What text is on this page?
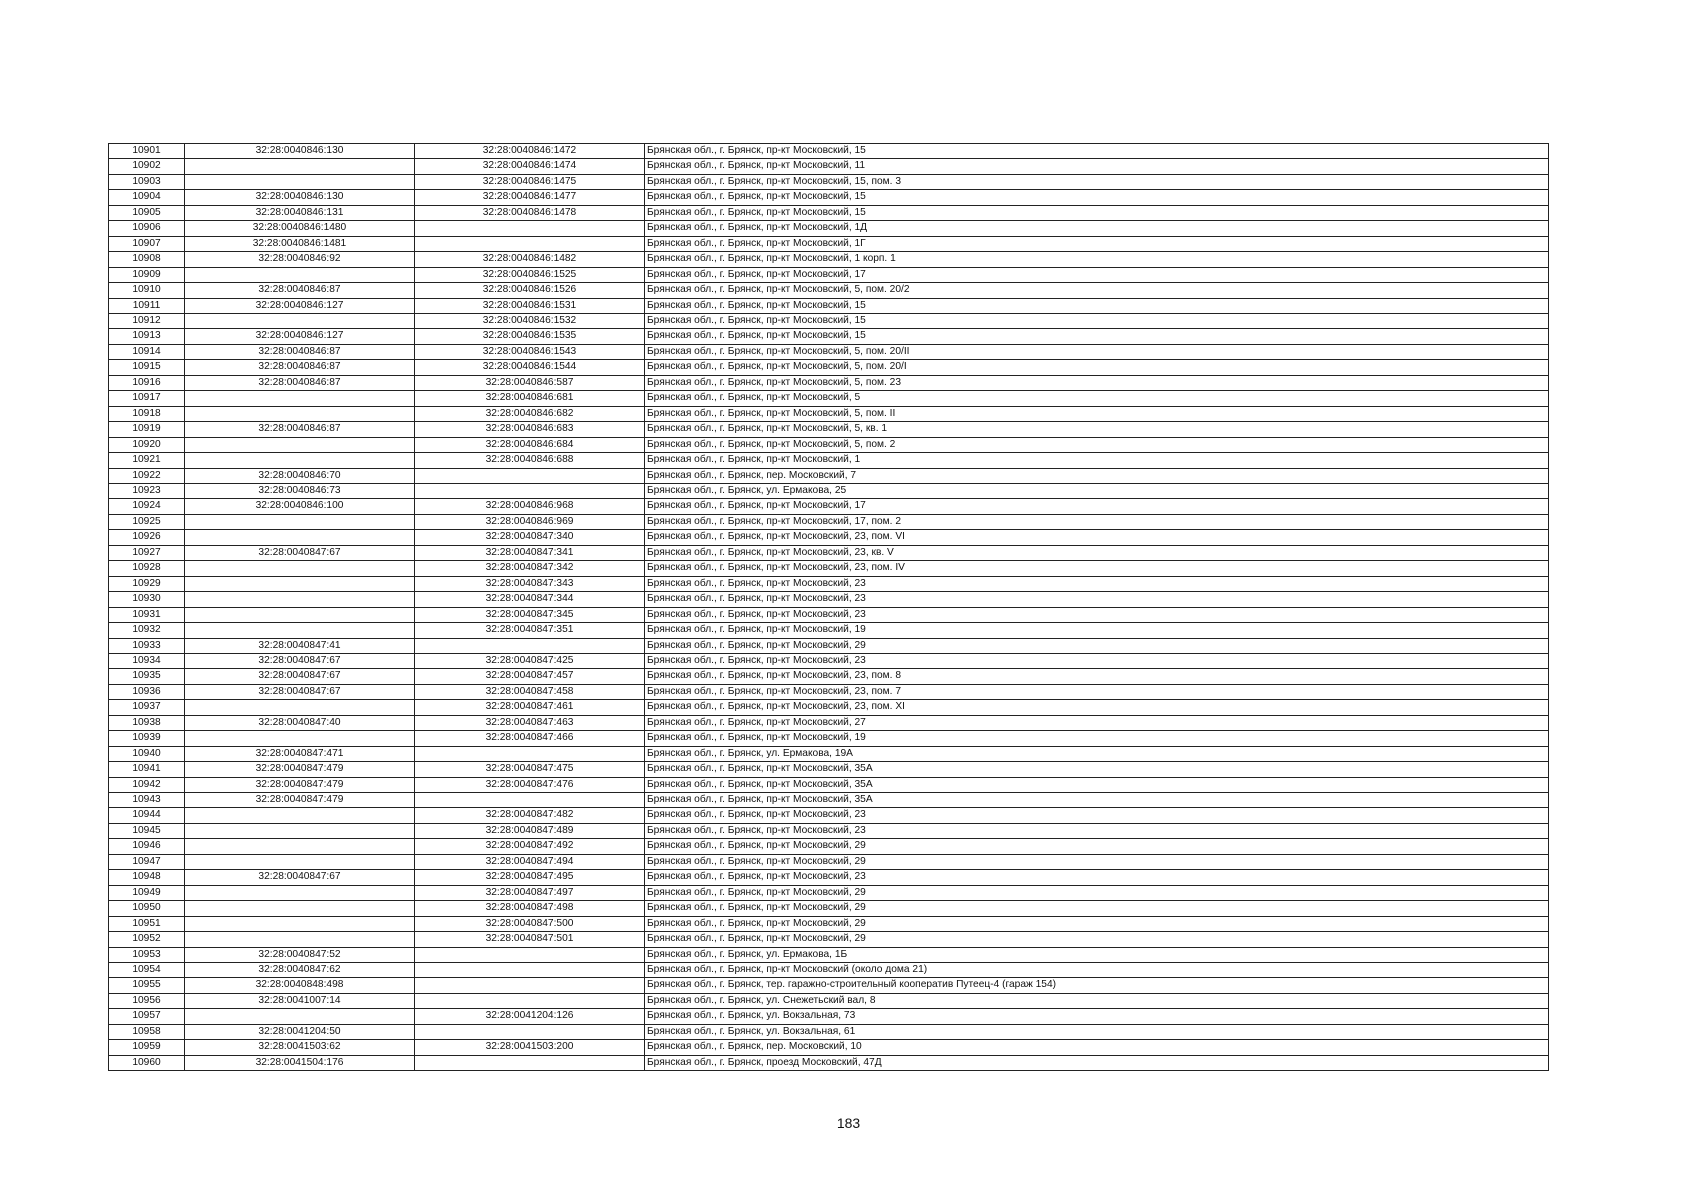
10901	32:28:0040846:130	32:28:0040846:1472	Брянская обл., г. Брянск, пр-кт Московский, 15
10902		32:28:0040846:1474	Брянская обл., г. Брянск, пр-кт Московский, 11
10903		32:28:0040846:1475	Брянская обл., г. Брянск, пр-кт Московский, 15, пом. 3
10904	32:28:0040846:130	32:28:0040846:1477	Брянская обл., г. Брянск, пр-кт Московский, 15
10905	32:28:0040846:131	32:28:0040846:1478	Брянская обл., г. Брянск, пр-кт Московский, 15
10906	32:28:0040846:1480		Брянская обл., г. Брянск, пр-кт Московский, 1Д
10907	32:28:0040846:1481		Брянская обл., г. Брянск, пр-кт Московский, 1Г
10908	32:28:0040846:92	32:28:0040846:1482	Брянская обл., г. Брянск, пр-кт Московский, 1 корп. 1
10909		32:28:0040846:1525	Брянская обл., г. Брянск, пр-кт Московский, 17
10910	32:28:0040846:87	32:28:0040846:1526	Брянская обл., г. Брянск, пр-кт Московский, 5, пом. 20/2
10911	32:28:0040846:127	32:28:0040846:1531	Брянская обл., г. Брянск, пр-кт Московский, 15
10912		32:28:0040846:1532	Брянская обл., г. Брянск, пр-кт Московский, 15
10913	32:28:0040846:127	32:28:0040846:1535	Брянская обл., г. Брянск, пр-кт Московский, 15
10914	32:28:0040846:87	32:28:0040846:1543	Брянская обл., г. Брянск, пр-кт Московский, 5, пом. 20/II
10915	32:28:0040846:87	32:28:0040846:1544	Брянская обл., г. Брянск, пр-кт Московский, 5, пом. 20/I
10916	32:28:0040846:87	32:28:0040846:587	Брянская обл., г. Брянск, пр-кт Московский, 5, пом. 23
10917		32:28:0040846:681	Брянская обл., г. Брянск, пр-кт Московский, 5
10918		32:28:0040846:682	Брянская обл., г. Брянск, пр-кт Московский, 5, пом. II
10919	32:28:0040846:87	32:28:0040846:683	Брянская обл., г. Брянск, пр-кт Московский, 5, кв. 1
10920		32:28:0040846:684	Брянская обл., г. Брянск, пр-кт Московский, 5, пом. 2
10921		32:28:0040846:688	Брянская обл., г. Брянск, пр-кт Московский, 1
10922	32:28:0040846:70		Брянская обл., г. Брянск, пер. Московский, 7
10923	32:28:0040846:73		Брянская обл., г. Брянск, ул. Ермакова, 25
10924	32:28:0040846:100	32:28:0040846:968	Брянская обл., г. Брянск, пр-кт Московский, 17
10925		32:28:0040846:969	Брянская обл., г. Брянск, пр-кт Московский, 17, пом. 2
10926		32:28:0040847:340	Брянская обл., г. Брянск, пр-кт Московский, 23, пом. VI
10927	32:28:0040847:67	32:28:0040847:341	Брянская обл., г. Брянск, пр-кт Московский, 23, кв. V
10928		32:28:0040847:342	Брянская обл., г. Брянск, пр-кт Московский, 23, пом. IV
10929		32:28:0040847:343	Брянская обл., г. Брянск, пр-кт Московский, 23
10930		32:28:0040847:344	Брянская обл., г. Брянск, пр-кт Московский, 23
10931		32:28:0040847:345	Брянская обл., г. Брянск, пр-кт Московский, 23
10932		32:28:0040847:351	Брянская обл., г. Брянск, пр-кт Московский, 19
10933	32:28:0040847:41		Брянская обл., г. Брянск, пр-кт Московский, 29
10934	32:28:0040847:67	32:28:0040847:425	Брянская обл., г. Брянск, пр-кт Московский, 23
10935	32:28:0040847:67	32:28:0040847:457	Брянская обл., г. Брянск, пр-кт Московский, 23, пом. 8
10936	32:28:0040847:67	32:28:0040847:458	Брянская обл., г. Брянск, пр-кт Московский, 23, пом. 7
10937		32:28:0040847:461	Брянская обл., г. Брянск, пр-кт Московский, 23, пом. XI
10938	32:28:0040847:40	32:28:0040847:463	Брянская обл., г. Брянск, пр-кт Московский, 27
10939		32:28:0040847:466	Брянская обл., г. Брянск, пр-кт Московский, 19
10940	32:28:0040847:471		Брянская обл., г. Брянск, ул. Ермакова, 19А
10941	32:28:0040847:479	32:28:0040847:475	Брянская обл., г. Брянск, пр-кт Московский, 35А
10942	32:28:0040847:479	32:28:0040847:476	Брянская обл., г. Брянск, пр-кт Московский, 35А
10943	32:28:0040847:479		Брянская обл., г. Брянск, пр-кт Московский, 35А
10944		32:28:0040847:482	Брянская обл., г. Брянск, пр-кт Московский, 23
10945		32:28:0040847:489	Брянская обл., г. Брянск, пр-кт Московский, 23
10946		32:28:0040847:492	Брянская обл., г. Брянск, пр-кт Московский, 29
10947		32:28:0040847:494	Брянская обл., г. Брянск, пр-кт Московский, 29
10948	32:28:0040847:67	32:28:0040847:495	Брянская обл., г. Брянск, пр-кт Московский, 23
10949		32:28:0040847:497	Брянская обл., г. Брянск, пр-кт Московский, 29
10950		32:28:0040847:498	Брянская обл., г. Брянск, пр-кт Московский, 29
10951		32:28:0040847:500	Брянская обл., г. Брянск, пр-кт Московский, 29
10952		32:28:0040847:501	Брянская обл., г. Брянск, пр-кт Московский, 29
10953	32:28:0040847:52		Брянская обл., г. Брянск, ул. Ермакова, 1Б
10954	32:28:0040847:62		Брянская обл., г. Брянск, пр-кт Московский (около дома 21)
10955	32:28:0040848:498		Брянская обл., г. Брянск, тер. гаражно-строительный кооператив Путеец-4 (гараж 154)
10956	32:28:0041007:14		Брянская обл., г. Брянск, ул. Снежетьский вал, 8
10957		32:28:0041204:126	Брянская обл., г. Брянск, ул. Вокзальная, 73
10958	32:28:0041204:50		Брянская обл., г. Брянск, ул. Вокзальная, 61
10959	32:28:0041503:62	32:28:0041503:200	Брянская обл., г. Брянск, пер. Московский, 10
10960	32:28:0041504:176		Брянская обл., г. Брянск, проезд Московский, 47Д
183
